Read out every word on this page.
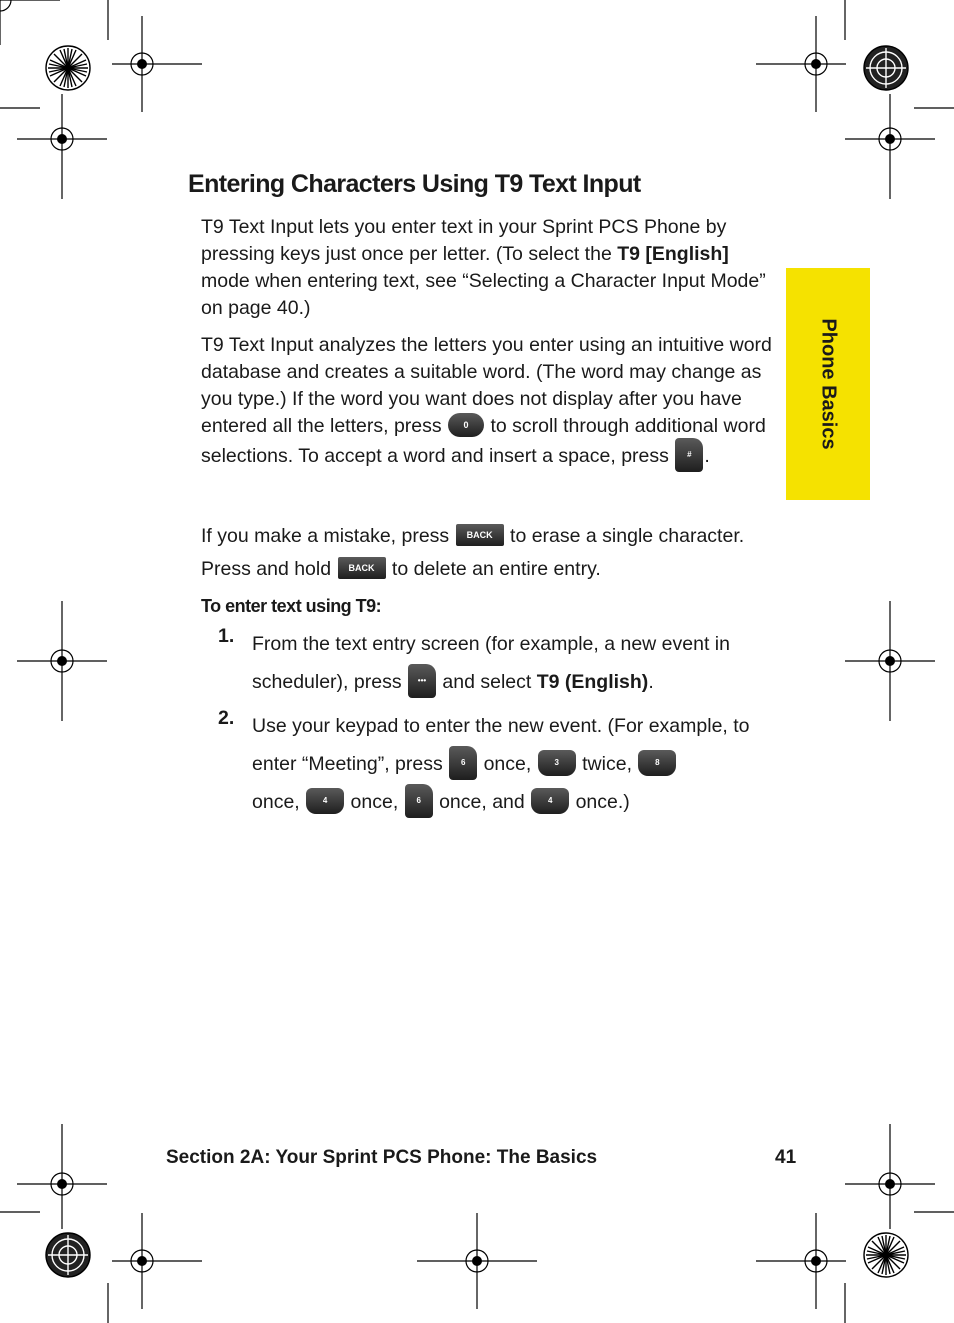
Phone Basics
Entering Characters Using T9 Text Input

T9 Text Input lets you enter text in your Sprint PCS Phone by pressing keys just once per letter. (To select the T9 [English] mode when entering text, see “Selecting a Character Input Mode” on page 40.)

T9 Text Input analyzes the letters you enter using an intuitive word database and creates a suitable word. (The word may change as you type.) If the word you want does not display after you have entered all the letters, press 0 to scroll through additional word selections. To accept a word and insert a space, press # .

If you make a mistake, press BACK to erase a single character. Press and hold BACK to delete an entire entry.

To enter text using T9:

1. From the text entry screen (for example, a new event in scheduler), press ••• and select T9 (English).
2. Use your keypad to enter the new event. (For example, to enter “Meeting”, press 6 once, 3 twice, 8
once, 4 once, 6 once, and 4 once.)

Section 2A: Your Sprint PCS Phone: The Basics	41
